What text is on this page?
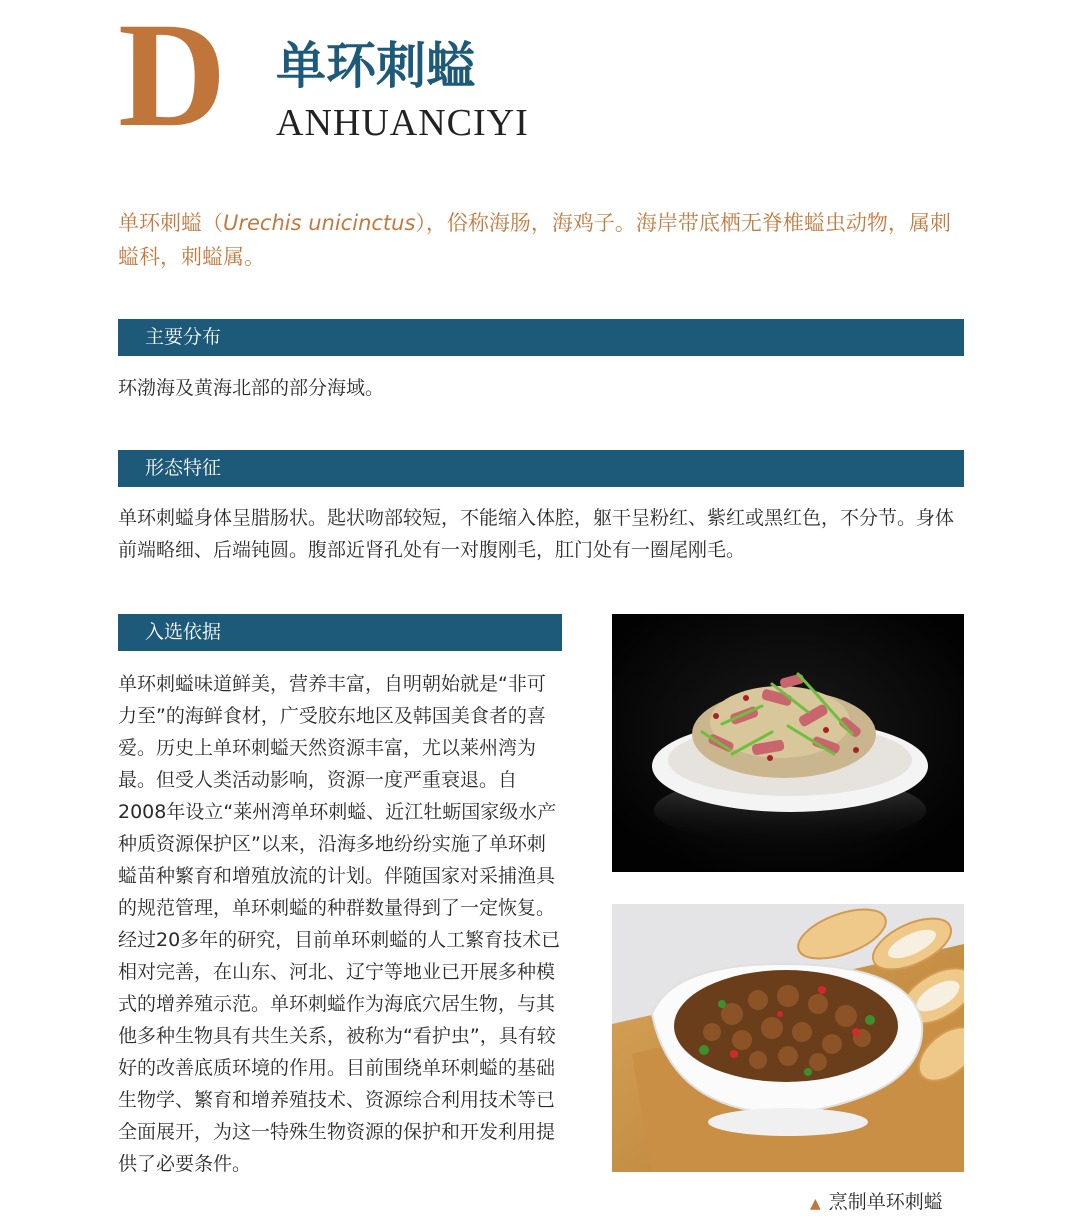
D 单环刺螠
ANHUANCIYI

单环刺螠（Urechis unicinctus），俗称海肠，海鸡子。海岸带底栖无脊椎螠虫动物，属刺螠科，刺螠属。

主要分布

环渤海及黄海北部的部分海域。

形态特征

单环刺螠身体呈腊肠状。匙状吻部较短，不能缩入体腔，躯干呈粉红、紫红或黑红色，不分节。身体前端略细、后端钝圆。腹部近肾孔处有一对腹刚毛，肛门处有一圈尾刚毛。

入选依据

单环刺螠味道鲜美，营养丰富，自明朝始就是“非可力至”的海鲜食材，广受胶东地区及韩国美食者的喜爱。历史上单环刺螠天然资源丰富，尤以莱州湾为最。但受人类活动影响，资源一度严重衰退。自2008年设立“莱州湾单环刺螠、近江牡蛎国家级水产种质资源保护区”以来，沿海多地纷纷实施了单环刺螠苗种繁育和增殖放流的计划。伴随国家对采捕渔具的规范管理，单环刺螠的种群数量得到了一定恢复。经过20多年的研究，目前单环刺螠的人工繁育技术已相对完善，在山东、河北、辽宁等地业已开展多种模式的增养殖示范。单环刺螠作为海底穴居生物，与其他多种生物具有共生关系，被称为“看护虫”，具有较好的改善底质环境的作用。目前围绕单环刺螠的基础生物学、繁育和增养殖技术、资源综合利用技术等已全面展开，为这一特殊生物资源的保护和开发利用提供了必要条件。

▲ 烹制单环刺螠
